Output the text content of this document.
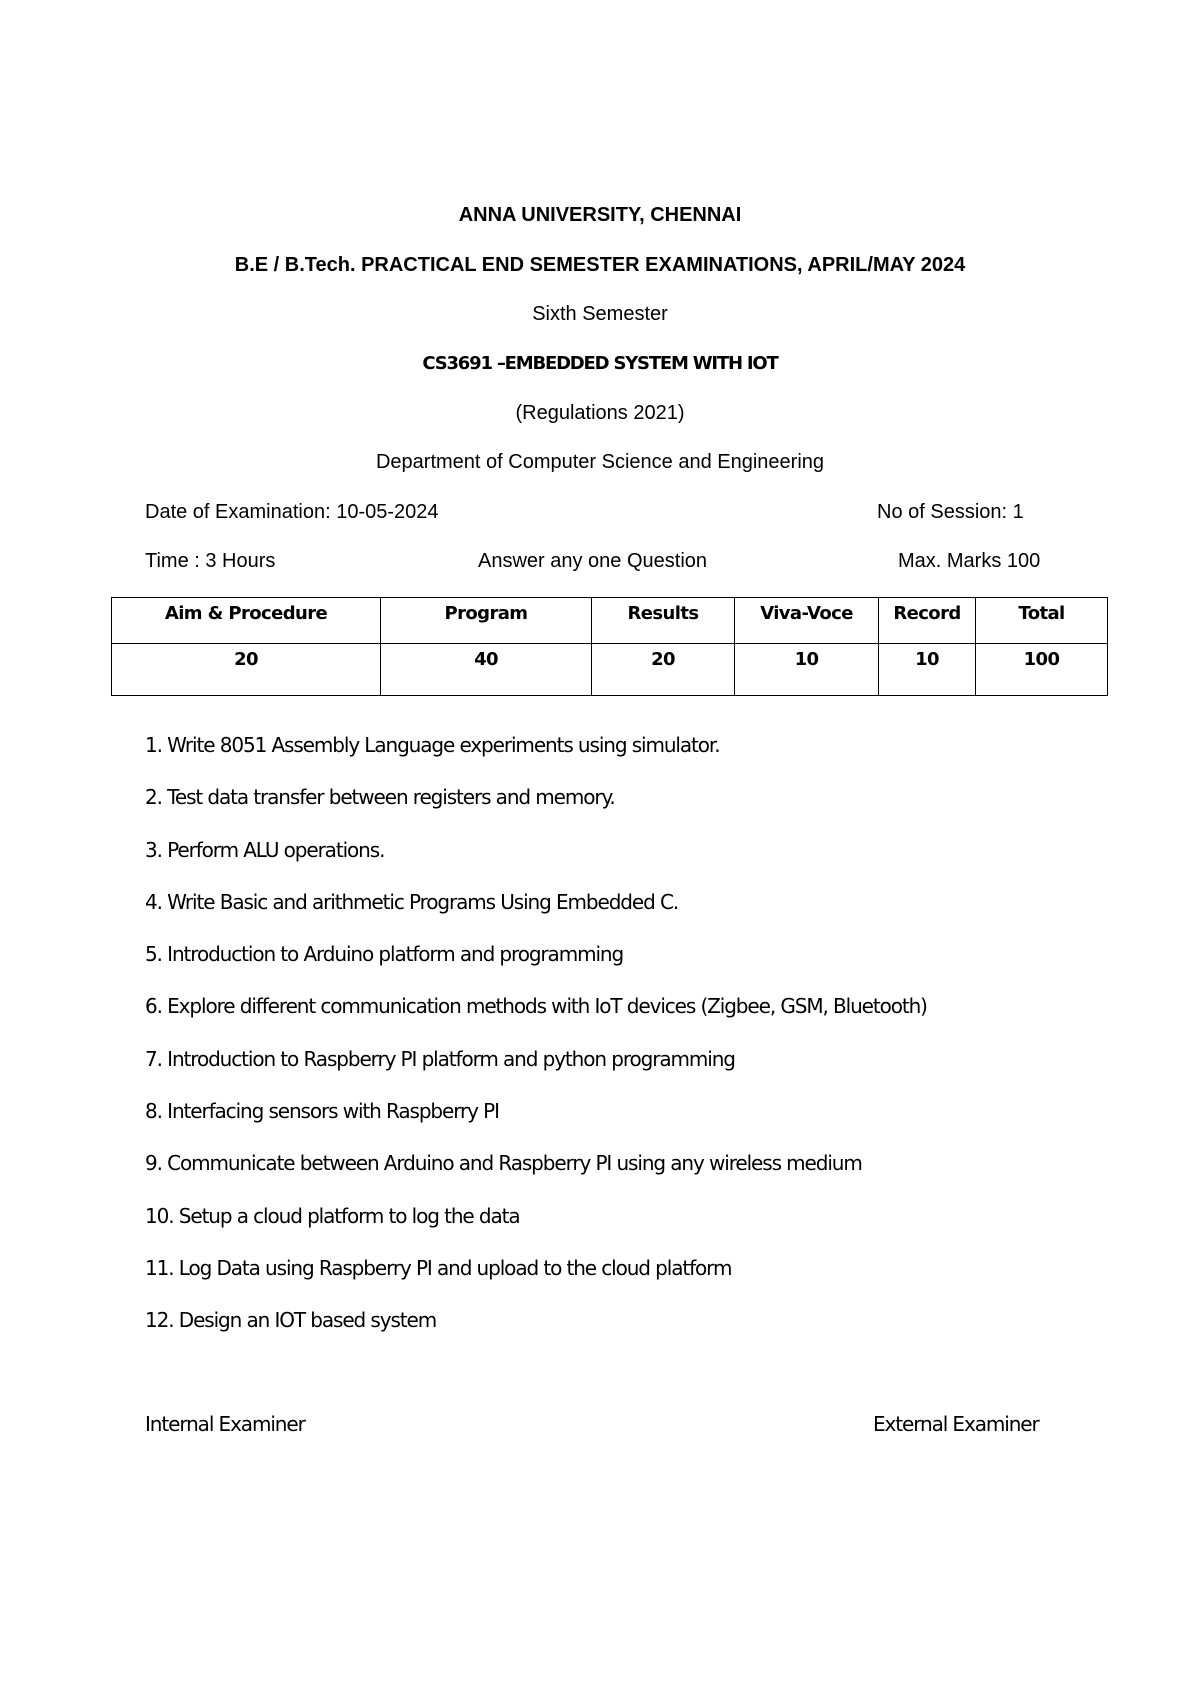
ANNA UNIVERSITY, CHENNAI
B.E / B.Tech. PRACTICAL END SEMESTER EXAMINATIONS, APRIL/MAY 2024
Sixth Semester
CS3691 –EMBEDDED SYSTEM WITH IOT
(Regulations 2021)
Department of Computer Science and Engineering
Date of Examination: 10-05-2024	No of Session: 1
Time : 3 Hours	Answer any one Question	Max. Marks 100
Aim & Procedure	Program	Results	Viva-Voce	Record	Total
20	40	20	10	10	100
1. Write 8051 Assembly Language experiments using simulator.
2. Test data transfer between registers and memory.
3. Perform ALU operations.
4. Write Basic and arithmetic Programs Using Embedded C.
5. Introduction to Arduino platform and programming
6. Explore different communication methods with IoT devices (Zigbee, GSM, Bluetooth)
7. Introduction to Raspberry PI platform and python programming
8. Interfacing sensors with Raspberry PI
9. Communicate between Arduino and Raspberry PI using any wireless medium
10. Setup a cloud platform to log the data
11. Log Data using Raspberry PI and upload to the cloud platform
12. Design an IOT based system
Internal Examiner	External Examiner
